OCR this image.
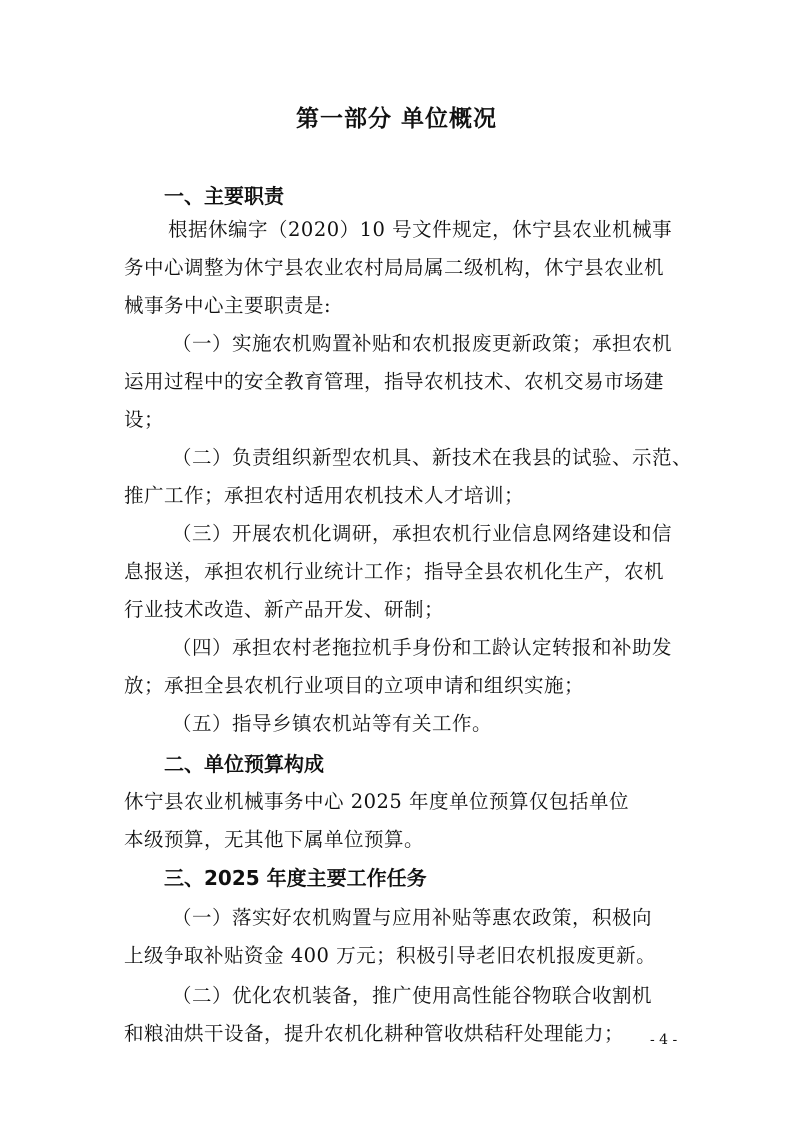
第一部分 单位概况
一、主要职责
根据休编字（2020）10 号文件规定，休宁县农业机械事
务中心调整为休宁县农业农村局局属二级机构，休宁县农业机
械事务中心主要职责是:
（一）实施农机购置补贴和农机报废更新政策；承担农机
运用过程中的安全教育管理，指导农机技术、农机交易市场建
设；
（二）负责组织新型农机具、新技术在我县的试验、示范、
推广工作；承担农村适用农机技术人才培训；
（三）开展农机化调研，承担农机行业信息网络建设和信
息报送，承担农机行业统计工作；指导全县农机化生产，农机
行业技术改造、新产品开发、研制；
（四）承担农村老拖拉机手身份和工龄认定转报和补助发
放；承担全县农机行业项目的立项申请和组织实施；
（五）指导乡镇农机站等有关工作。
二、单位预算构成
休宁县农业机械事务中心 2025 年度单位预算仅包括单位
本级预算，无其他下属单位预算。
三、2025 年度主要工作任务
（一）落实好农机购置与应用补贴等惠农政策，积极向
上级争取补贴资金 400 万元；积极引导老旧农机报废更新。
（二）优化农机装备，推广使用高性能谷物联合收割机
和粮油烘干设备，提升农机化耕种管收烘秸秆处理能力； - 4 -
